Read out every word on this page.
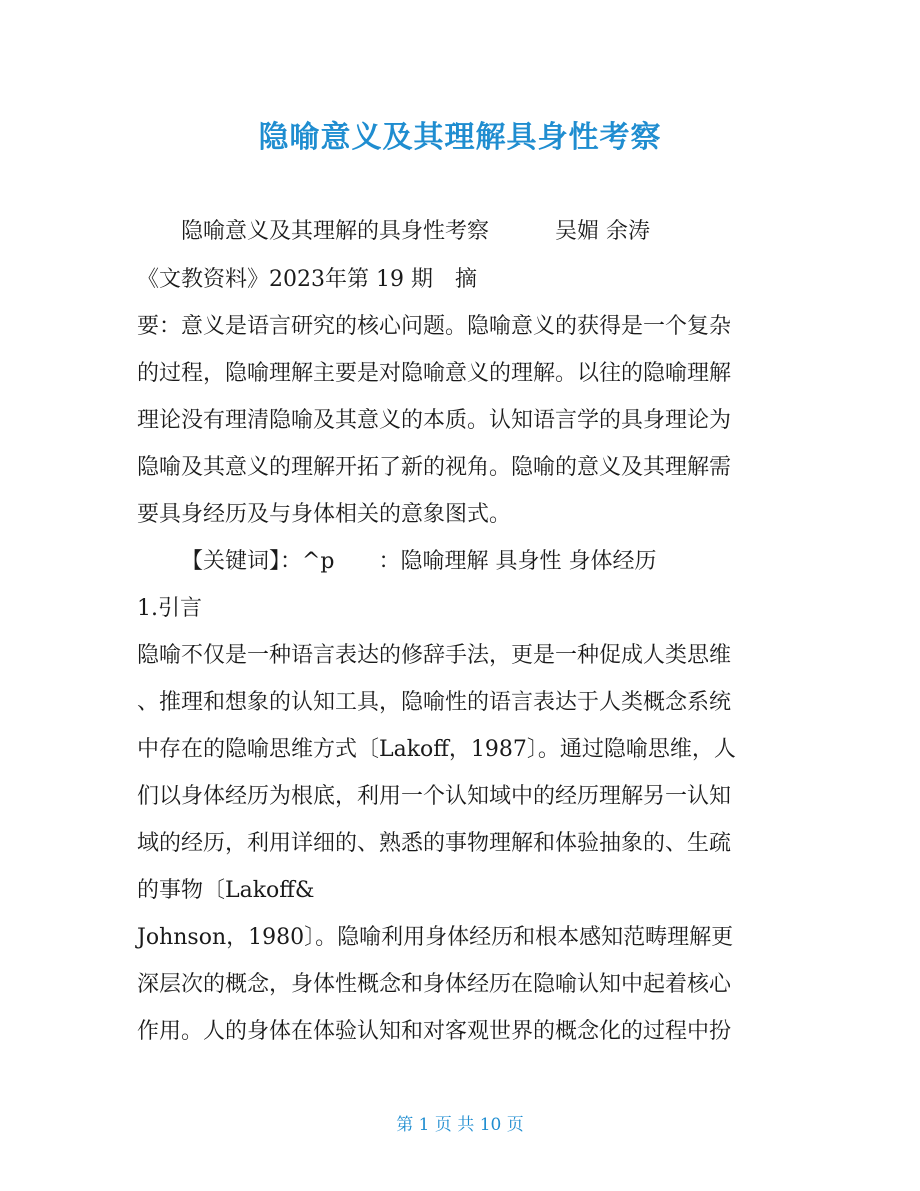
隐喻意义及其理解具身性考察
隐喻意义及其理解的具身性考察　　　吴媚 余涛
《文教资料》2023年第 19 期　摘
要：意义是语言研究的核心问题。隐喻意义的获得是一个复杂
的过程，隐喻理解主要是对隐喻意义的理解。以往的隐喻理解
理论没有理清隐喻及其意义的本质。认知语言学的具身理论为
隐喻及其意义的理解开拓了新的视角。隐喻的意义及其理解需
要具身经历及与身体相关的意象图式。
【关键词】：^p　　：隐喻理解 具身性 身体经历
1.引言
隐喻不仅是一种语言表达的修辞手法，更是一种促成人类思维
、推理和想象的认知工具，隐喻性的语言表达于人类概念系统
中存在的隐喻思维方式〔Lakoff，1987〕。通过隐喻思维，人
们以身体经历为根底，利用一个认知域中的经历理解另一认知
域的经历，利用详细的、熟悉的事物理解和体验抽象的、生疏
的事物〔Lakoff&
Johnson，1980〕。隐喻利用身体经历和根本感知范畴理解更
深层次的概念，身体性概念和身体经历在隐喻认知中起着核心
作用。人的身体在体验认知和对客观世界的概念化的过程中扮
第 1 页 共 10 页
